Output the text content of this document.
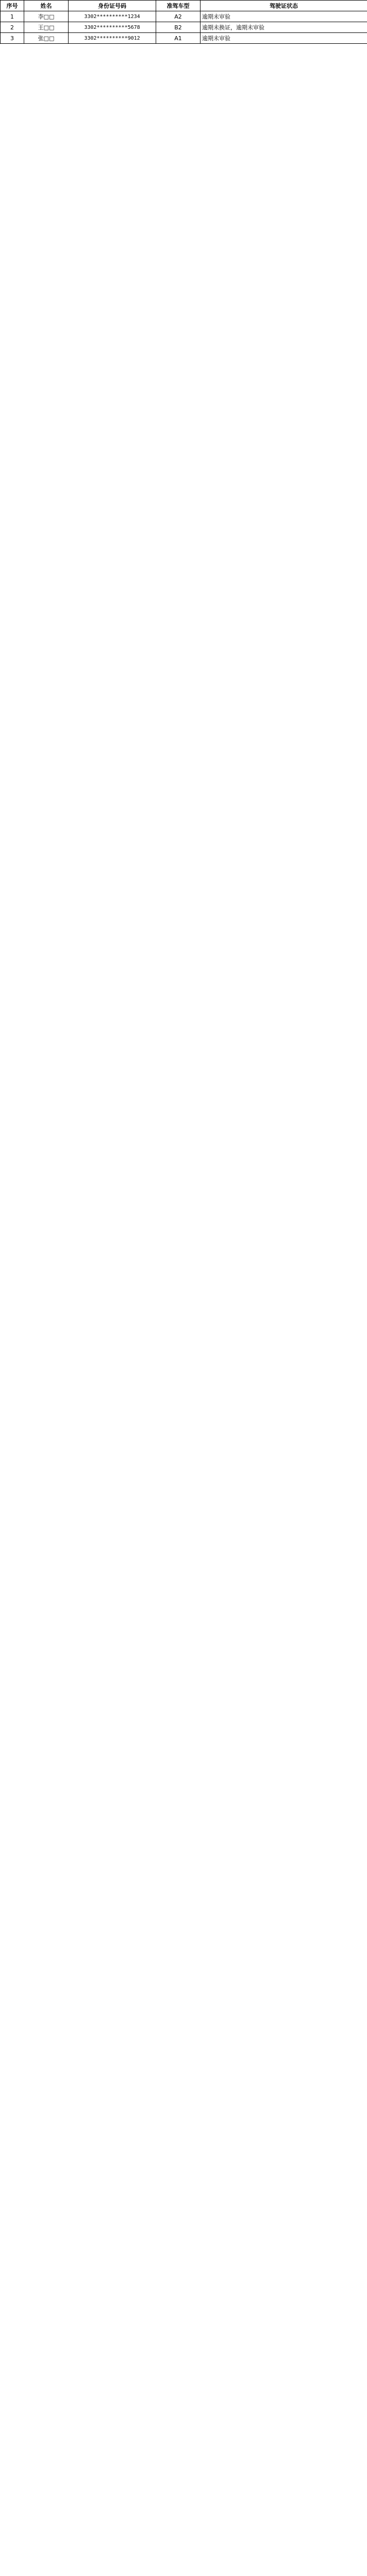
序号	姓名	身份证号码	准驾车型	驾驶证状态
1	李□□	3302**********1234	A2	逾期未审验
2	王□□	3302**********5678	B2	逾期未换证，逾期未审验
3	张□□	3302**********9012	A1	逾期未审验
